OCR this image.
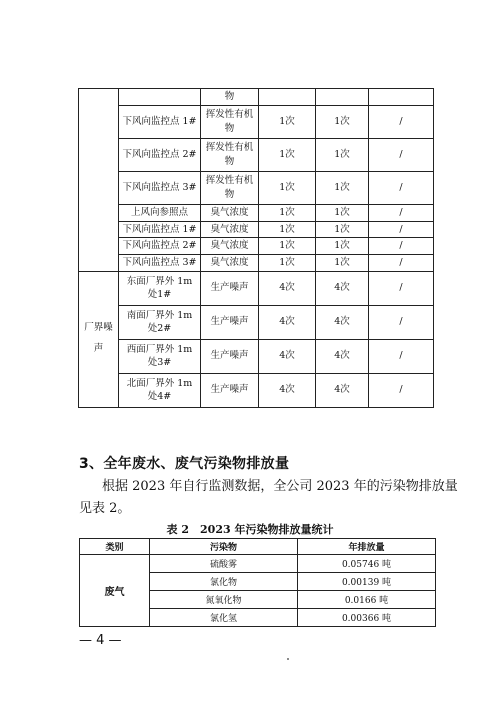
		物			
	下风向监控点 1#	挥发性有机物	1次	1次	/
	下风向监控点 2#	挥发性有机物	1次	1次	/
	下风向监控点 3#	挥发性有机物	1次	1次	/
	上风向参照点	臭气浓度	1次	1次	/
	下风向监控点 1#	臭气浓度	1次	1次	/
	下风向监控点 2#	臭气浓度	1次	1次	/
	下风向监控点 3#	臭气浓度	1次	1次	/
厂界噪声	东面厂界外 1m 处1#	生产噪声	4次	4次	/
	南面厂界外 1m 处2#	生产噪声	4次	4次	/
	西面厂界外 1m 处3#	生产噪声	4次	4次	/
	北面厂界外 1m 处4#	生产噪声	4次	4次	/
3、全年废水、废气污染物排放量
根据 2023 年自行监测数据，全公司 2023 年的污染物排放量
见表 2。
表 2　2023 年污染物排放量统计
类别	污染物	年排放量
废气	硫酸雾	0.05746 吨
	氯化物	0.00139 吨
	氮氧化物	0.0166 吨
	氯化氢	0.00366 吨
— 4 —
